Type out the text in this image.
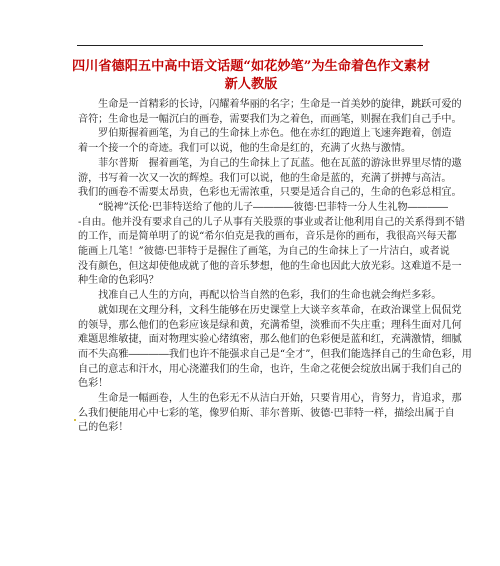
四川省德阳五中高中语文话题“如花妙笔”为生命着色作文素材
新人教版
　　生命是一首精彩的长诗，闪耀着华丽的名字；生命是一首美妙的旋律，跳跃可爱的
音符；生命也是一幅沉白的画卷，需要我们为之着色，而画笔，则握在我们自己手中。
　　罗伯斯握着画笔，为自己的生命抹上赤色。他在赤红的跑道上飞速奔跑着，创造
着一个接一个的奇迹。我们可以说，他的生命是红的，充满了火热与激情。
　　菲尔普斯　握着画笔，为自己的生命抹上了瓦蓝。他在瓦蓝的游泳世界里尽情的遨
游，书写着一次又一次的辉煌。我们可以说，他的生命是蓝的，充满了拼搏与高洁。
我们的画卷不需要太昂贵，色彩也无需浓重，只要是适合自己的，生命的色彩总相宜。
　　“脱裨”沃伦·巴菲特送给了他的儿子――――彼德·巴菲特一分人生礼物――――
-自由。他并没有要求自己的儿子从事有关股票的事业或者让他利用自己的关系得到不错
的工作，而是简单明了的说“希尔伯克是我的画布，音乐是你的画布，我很高兴每天都
能画上几笔！”彼德·巴菲特于是握住了画笔，为自己的生命抹上了一片洁白，或者说
没有颜色，但这却使他成就了他的音乐梦想，他的生命也因此大放光彩。这难道不是一
种生命的色彩吗？
　　找准自己人生的方向，再配以恰当自然的色彩，我们的生命也就会绚烂多彩。
　　就如现在文理分科，文科生能够在历史课堂上大谈辛亥革命，在政治课堂上侃侃党
的领导，那么他们的色彩应该是绿和黄，充满希望，淡雅而不失庄重；理科生面对几何
难题思维敏捷，面对物理实验心绪缜密，那么他们的色彩便是蓝和红，充满激情，细腻
而不失高雅――――我们也许不能强求自己是“全才”，但我们能选择自己的生命色彩，用
自己的意志和汗水，用心浇灌我们的生命，也许，生命之花便会绽放出属于我们自己的
色彩！
　　生命是一幅画卷，人生的色彩无不从洁白开始，只要肯用心，肯努力，肯追求，那
么我们便能用心中七彩的笔，像罗伯斯、菲尔普斯、彼德·巴菲特一样，描绘出属于自
己的色彩！
